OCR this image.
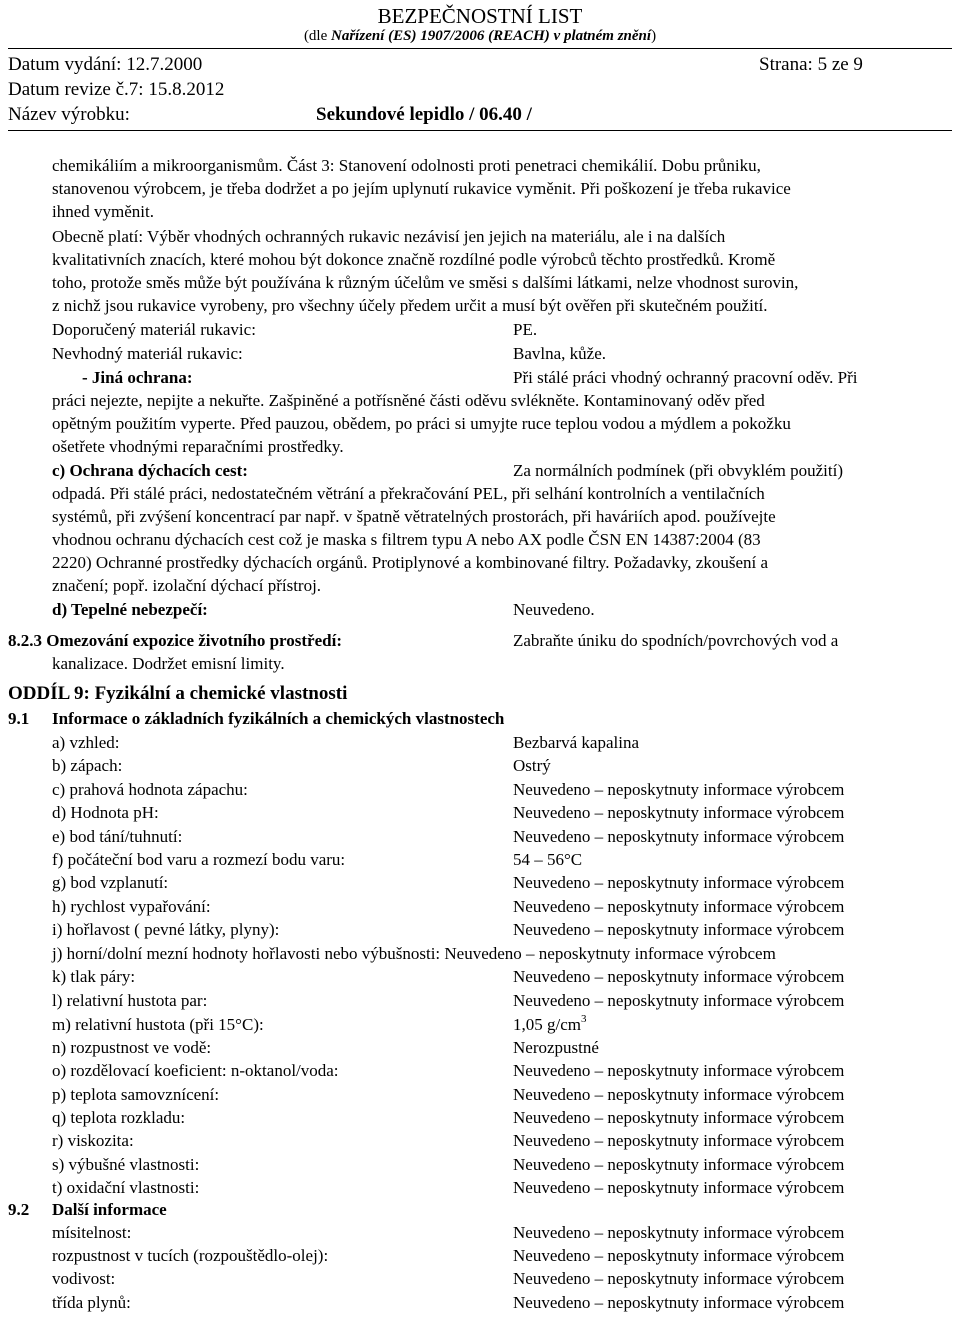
BEZPEČNOSTNÍ LIST
(dle Nařízení (ES) 1907/2006 (REACH) v platném znění)
Datum vydání: 12.7.2000	Strana: 5 ze 9
Datum revize č.7: 15.8.2012
Název výrobku:	Sekundové lepidlo / 06.40 /
chemikáliím a mikroorganismům. Část 3: Stanovení odolnosti proti penetraci chemikálií. Dobu průniku,
stanovenou výrobcem, je třeba dodržet a po jejím uplynutí rukavice vyměnit. Při poškození je třeba rukavice
ihned vyměnit.
Obecně platí: Výběr vhodných ochranných rukavic nezávisí jen jejich na materiálu, ale i na dalších
kvalitativních znacích, které mohou být dokonce značně rozdílné podle výrobců těchto prostředků. Kromě
toho, protože směs může být používána k různým účelům ve směsi s dalšími látkami, nelze vhodnost surovin,
z nichž jsou rukavice vyrobeny, pro všechny účely předem určit a musí být ověřen při skutečném použití.
Doporučený materiál rukavic:	PE.
Nevhodný materiál rukavic:	Bavlna, kůže.
- Jiná ochrana:	Při stálé práci vhodný ochranný pracovní oděv. Při
práci nejezte, nepijte a nekuřte. Zašpiněné a potřísněné části oděvu svlékněte. Kontaminovaný oděv před
opětným použitím vyperte. Před pauzou, obědem, po práci si umyjte ruce teplou vodou a mýdlem a pokožku
ošetřete vhodnými reparačními prostředky.
c) Ochrana dýchacích cest:	Za normálních podmínek (při obvyklém použití)
odpadá. Při stálé práci, nedostatečném větrání a překračování PEL, při selhání kontrolních a ventilačních
systémů, při zvýšení koncentrací par např. v špatně větratelných prostorách, při haváriích apod. používejte
vhodnou ochranu dýchacích cest což je maska s filtrem typu A nebo AX podle ČSN EN 14387:2004 (83
2220) Ochranné prostředky dýchacích orgánů. Protiplynové a kombinované filtry. Požadavky, zkoušení a
značení; popř. izolační dýchací přístroj.
d) Tepelné nebezpečí:	Neuvedeno.
8.2.3 Omezování expozice životního prostředí:	Zabraňte úniku do spodních/povrchových vod a
kanalizace. Dodržet emisní limity.
ODDÍL 9: Fyzikální a chemické vlastnosti
9.1 Informace o základních fyzikálních a chemických vlastnostech
a) vzhled:	Bezbarvá kapalina
b) zápach:	Ostrý
c) prahová hodnota zápachu:	Neuvedeno – neposkytnuty informace výrobcem
d) Hodnota pH:	Neuvedeno – neposkytnuty informace výrobcem
e) bod tání/tuhnutí:	Neuvedeno – neposkytnuty informace výrobcem
f) počáteční bod varu a rozmezí bodu varu:	54 – 56°C
g) bod vzplanutí:	Neuvedeno – neposkytnuty informace výrobcem
h) rychlost vypařování:	Neuvedeno – neposkytnuty informace výrobcem
i) hořlavost ( pevné látky, plyny):	Neuvedeno – neposkytnuty informace výrobcem
j) horní/dolní mezní hodnoty hořlavosti nebo výbušnosti: Neuvedeno – neposkytnuty informace výrobcem
k) tlak páry:	Neuvedeno – neposkytnuty informace výrobcem
l) relativní hustota par:	Neuvedeno – neposkytnuty informace výrobcem
m) relativní hustota (při 15°C):	1,05 $g/cm^3$
n) rozpustnost ve vodě:	Nerozpustné
o) rozdělovací koeficient: n-oktanol/voda:	Neuvedeno – neposkytnuty informace výrobcem
p) teplota samovznícení:	Neuvedeno – neposkytnuty informace výrobcem
q) teplota rozkladu:	Neuvedeno – neposkytnuty informace výrobcem
r) viskozita:	Neuvedeno – neposkytnuty informace výrobcem
s) výbušné vlastnosti:	Neuvedeno – neposkytnuty informace výrobcem
t) oxidační vlastnosti:	Neuvedeno – neposkytnuty informace výrobcem
9.2 Další informace
mísitelnost:	Neuvedeno – neposkytnuty informace výrobcem
rozpustnost v tucích (rozpouštědlo-olej):	Neuvedeno – neposkytnuty informace výrobcem
vodivost:	Neuvedeno – neposkytnuty informace výrobcem
třída plynů:	Neuvedeno – neposkytnuty informace výrobcem
